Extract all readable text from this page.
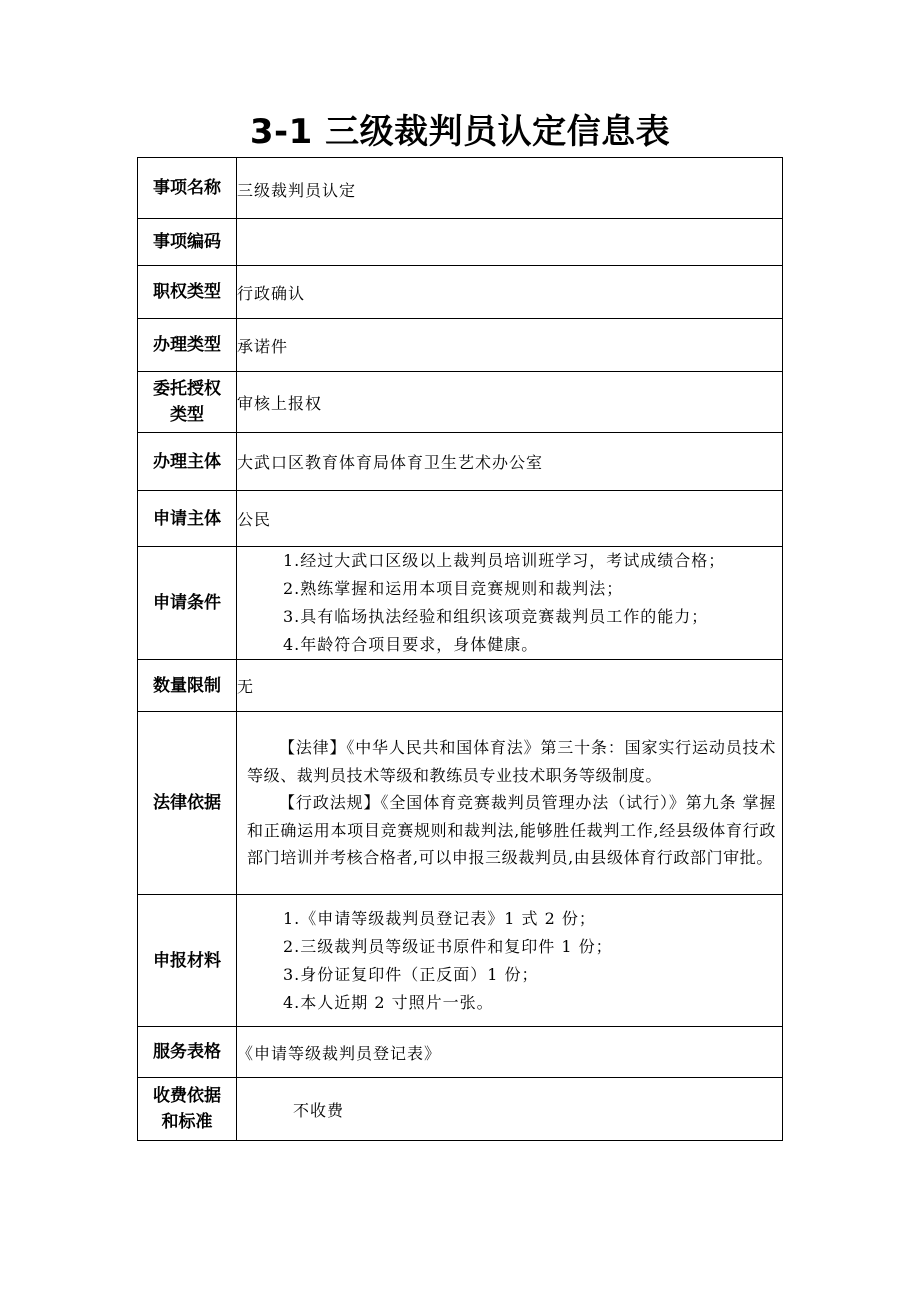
3-1 三级裁判员认定信息表
事项名称	三级裁判员认定
事项编码	
职权类型	行政确认
办理类型	承诺件

委托授权
类型	审核上报权
办理主体	大武口区教育体育局体育卫生艺术办公室
申请主体	公民
申请条件	1.经过大武口区级以上裁判员培训班学习，考试成绩合格；
2.熟练掌握和运用本项目竞赛规则和裁判法；
3.具有临场执法经验和组织该项竞赛裁判员工作的能力；
4.年龄符合项目要求，身体健康。

数量限制	无
法律依据	【法律】《中华人民共和国体育法》第三十条：国家实行运动员技术等级、裁判员技术等级和教练员专业技术职务等级制度。

【行政法规】《全国体育竞赛裁判员管理办法（试行）》第九条 掌握和正确运用本项目竞赛规则和裁判法,能够胜任裁判工作,经县级体育行政部门培训并考核合格者,可以申报三级裁判员,由县级体育行政部门审批。

申报材料	1.《申请等级裁判员登记表》1 式 2 份；
2.三级裁判员等级证书原件和复印件 1 份；
3.身份证复印件（正反面）1 份；
4.本人近期 2 寸照片一张。

服务表格	《申请等级裁判员登记表》

收费依据
和标准	不收费
